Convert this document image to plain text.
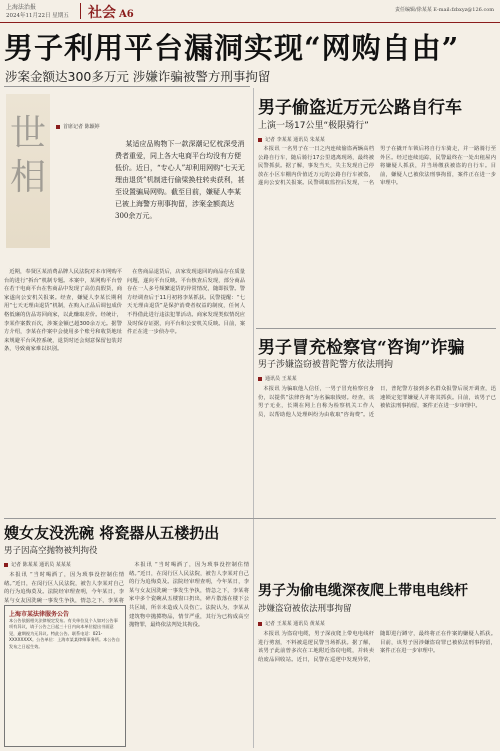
上海法治报
2024年11月22日 星期五 社会 A6	责任编辑/徐某某 E-mail:fzbxyz@126.com
男子利用平台漏洞实现“网购自由”
涉案金额达300多万元 涉嫌诈骗被警方刑事拘留
世相
首席记者 陈颖婷

某适应品购物下一款深潮记忆枕深受消费者重爱，同上各大电商平台均没有方便低价。近日，“专心人”却利用网购“七天无理由退货”机制进行偷梁换柱转卖获利，甚至设置骗局网购。截至目前，嫌疑人李某已被上海警方刑事拘留，涉案金额高达300余万元。

近期，奉贤区某消费品牌人民法院对本市网购平台的进行“拆台”机制专题。本案中，某网购平台曾在若干电商平台在售商品中发现了高仿真假货，商家遂向公安机关报案。经查，嫌疑人李某长期利用“七天无理由退货”机制，在购入正品后调包成价格低廉的仿品寄回商家，以此赚取差价。经统计，李某作案数百次，涉案金额已超300余万元。据警方介绍，李某在作案中会使用多个账号和收货地址来规避平台风控系统，退货时还会刻意保留包装封条，导致商家难以识别。

在售商品退货后，店家发现退回的商品存在质量问题，遂向平台反映。平台核查后发现，部分商品存在一人多号频繁退货的异常情况，随即报警。警方经调查后于11月初将李某抓获。民警提醒：“七天无理由退货”是保护消费者权益的制度，任何人不得借此进行违法犯罪活动。商家发现类似情况应及时保存证据，向平台和公安机关反映。目前，案件正在进一步侦办中。

男子偷盗近万元公路自行车
上演一场17公里“极限骑行”
记者 李某某 通讯员 朱某某

本报讯 一名男子在一日之内连续偷盗两辆高档公路自行车，随后骑行17公里逃离现场，最终被民警抓获。据了解，事发当天，失主发现自己停放在小区车棚内价值近万元的公路自行车被盗，遂向公安机关报案。民警调取监控后发现，一名男子在撬开车锁后将自行车骑走，并一路骑行至外区。经过连续追踪，民警最终在一处出租屋内将嫌疑人抓获，并当场缴获被盗的自行车。目前，嫌疑人已被依法刑事拘留，案件正在进一步审理中。

男子冒充检察官“咨询”诈骗
男子涉嫌盗窃被普陀警方依法刑拘
通讯员 王某某

本报讯 为骗取他人信任，一男子冒充检察官身份，以提供“法律咨询”为名骗取钱财。经查，该男子无业，长期在网上自称为检察机关工作人员，以帮助他人处理纠纷为由收取“咨询费”。近日，普陀警方接到多名群众报警后展开调查，迅速锁定犯罪嫌疑人并将其抓获。目前，该男子已被依法刑事拘留，案件正在进一步审理中。

嫂女友没洗碗 将瓷器从五楼扔出
男子因高空抛物被判拘役
记者 陈某某 通讯员 某某某

本报讯 “当时喝酒了，因为琐事没控制住情绪。”近日，在闵行区人民法院，被告人李某对自己的行为追悔莫及。法院经审理查明，今年某日，李某与女友因洗碗一事发生争执，情急之下，李某将

本报讯 “当时喝酒了，因为琐事没控制住情绪。”近日，在闵行区人民法院，被告人李某对自己的行为追悔莫及。法院经审理查明，今年某日，李某与女友因洗碗一事发生争执，情急之下，李某将家中多个瓷碗从五楼窗口扔出，碎片散落在楼下公共区域，所幸未造成人员伤亡。法院认为，李某从建筑物中抛掷物品，情节严重，其行为已构成高空抛物罪，最终依法判处其拘役。

上海市某法律服务公告
本公告依据相关法律规定发布。有关单位及个人如对公告事项有异议，请于公告之日起三十日内向本单位提出书面意见，逾期视为无异议。特此公告。联系电话：021-XXXXXXXX。公告单位：上海市某某律师事务所。本公告自发布之日起生效。
男子为偷电缆深夜爬上带电电线杆
涉嫌盗窃被依法刑事拘留
记者 王某某 通讯员 黄某某

本报讯 为盗窃电缆，男子深夜爬上带电电线杆进行剪割，不料被巡逻民警当场抓获。据了解，该男子此前曾多次在工地附近盗窃电缆，并转卖给废品回收站。近日，民警在巡逻中发现异常，随即进行蹲守，最终将正在作案的嫌疑人抓获。目前，该男子因涉嫌盗窃罪已被依法刑事拘留，案件正在进一步审理中。
